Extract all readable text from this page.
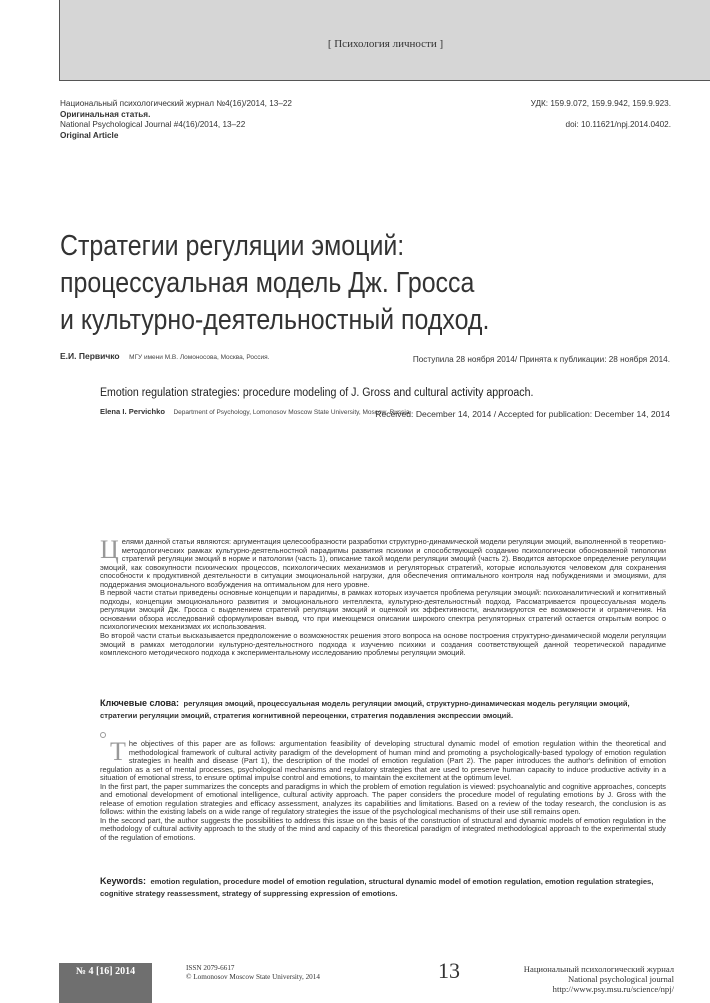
[ Психология личности ]
Национальный психологический журнал №4(16)/2014, 13–22
Оригинальная статья.
National Psychological Journal #4(16)/2014, 13–22
Original Article
УДК: 159.9.072, 159.9.942, 159.9.923.
doi: 10.11621/npj.2014.0402.
Стратегии регуляции эмоций:
процессуальная модель Дж. Гросса
и культурно-деятельностный подход.
Е.И. Первичко МГУ имени М.В. Ломоносова, Москва, Россия.	Поступила 28 ноября 2014/ Принята к публикации: 28 ноября 2014.
Emotion regulation strategies: procedure modeling of J. Gross and cultural activity approach.
Elena I. Pervichko Department of Psychology, Lomonosov Moscow State University, Moscow, Russia
Received: December 14, 2014 / Accepted for publication: December 14, 2014

Целями данной статьи являются: аргументация целесообразности разработки структурно-динамической модели регуляции эмоций, выполненной в теоретико-методологических рамках культурно-деятельностной парадигмы развития психики и способствующей созданию психологически обоснованной типологии стратегий регуляции эмоций в норме и патологии (часть 1), описание такой модели регуляции эмоций (часть 2). Вводится авторское определение регуляции эмоций, как совокупности психических процессов, психологических механизмов и регуляторных стратегий, которые используются человеком для сохранения способности к продуктивной деятельности в ситуации эмоциональной нагрузки, для обеспечения оптимального контроля над побуждениями и эмоциями, для поддержания эмоционального возбуждения на оптимальном для него уровне.

В первой части статьи приведены основные концепции и парадигмы, в рамках которых изучается проблема регуляции эмоций: психоаналитический и когнитивный подходы, концепции эмоционального развития и эмоционального интеллекта, культурно-деятельностный подход. Рассматривается процессуальная модель регуляции эмоций Дж. Гросса с выделением стратегий регуляции эмоций и оценкой их эффективности, анализируются ее возможности и ограничения. На основании обзора исследований сформулирован вывод, что при имеющемся описании широкого спектра регуляторных стратегий остается открытым вопрос о психологических механизмах их использования.

Во второй части статьи высказывается предположение о возможностях решения этого вопроса на основе построения структурно-динамической модели регуляции эмоций в рамках методологии культурно-деятельностного подхода к изучению психики и создания соответствующей данной теоретической парадигме комплексного методического подхода к экспериментальному исследованию проблемы регуляции эмоций.

Ключевые слова: регуляция эмоций, процессуальная модель регуляции эмоций, структурно-динамическая модель регуляции эмоций, стратегии регуляции эмоций, стратегия когнитивной переоценки, стратегия подавления экспрессии эмоций.

The objectives of this paper are as follows: argumentation feasibility of developing structural dynamic model of emotion regulation within the theoretical and methodological framework of cultural activity paradigm of the development of human mind and promoting a psychologically-based typology of emotion regulation strategies in health and disease (Part 1), the description of the model of emotion regulation (Part 2). The paper introduces the author's definition of emotion regulation as a set of mental processes, psychological mechanisms and regulatory strategies that are used to preserve human capacity to induce productive activity in a situation of emotional stress, to ensure optimal impulse control and emotions, to maintain the excitement at the optimum level.

In the first part, the paper summarizes the concepts and paradigms in which the problem of emotion regulation is viewed: psychoanalytic and cognitive approaches, concepts and emotional development of emotional intelligence, cultural activity approach. The paper considers the procedure model of regulating emotions by J. Gross with the release of emotion regulation strategies and efficacy assessment, analyzes its capabilities and limitations. Based on a review of the today research, the conclusion is as follows: within the existing labels on a wide range of regulatory strategies the issue of the psychological mechanisms of their use still remains open.

In the second part, the author suggests the possibilities to address this issue on the basis of the construction of structural and dynamic models of emotion regulation in the methodology of cultural activity approach to the study of the mind and capacity of this theoretical paradigm of integrated methodological approach to the experimental study of the regulation of emotions.

Keywords: emotion regulation, procedure model of emotion regulation, structural dynamic model of emotion regulation, emotion regulation strategies, cognitive strategy reassessment, strategy of suppressing expression of emotions.
№ 4 [16] 2014	ISSN 2079-6617
© Lomonosov Moscow State University, 2014	13	Национальный психологический журнал
National psychological journal
http://www.psy.msu.ru/science/npj/
